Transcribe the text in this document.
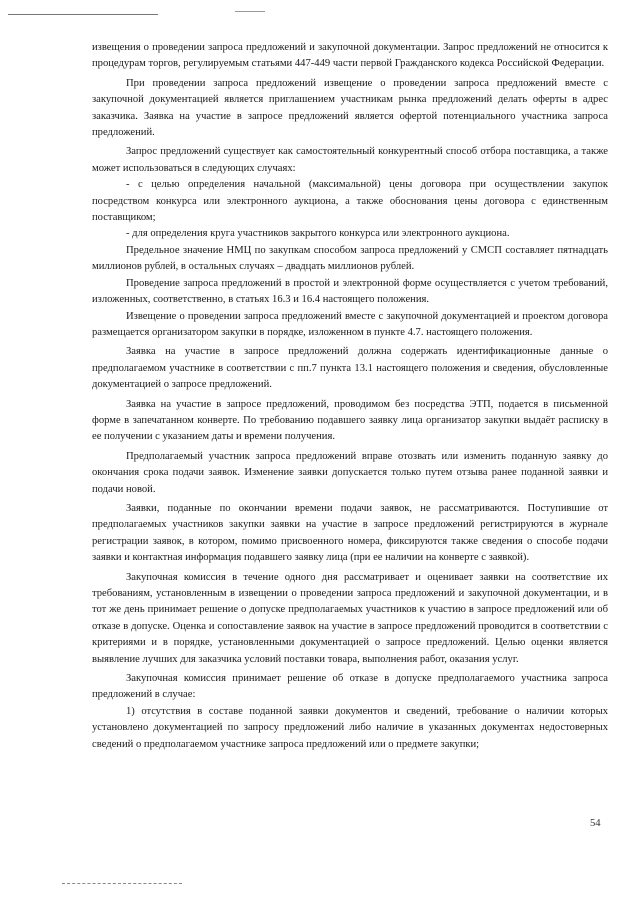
извещения о проведении запроса предложений и закупочной документации. Запрос предложений не относится к процедурам торгов, регулируемым статьями 447-449 части первой Гражданского кодекса Российской Федерации.

При проведении запроса предложений извещение о проведении запроса предложений вместе с закупочной документацией является приглашением участникам рынка предложений делать оферты в адрес заказчика. Заявка на участие в запросе предложений является офертой потенциального участника запроса предложений.

Запрос предложений существует как самостоятельный конкурентный способ отбора поставщика, а также может использоваться в следующих случаях:

- с целью определения начальной (максимальной) цены договора при осуществлении закупок посредством конкурса или электронного аукциона, а также обоснования цены договора с единственным поставщиком;

- для определения круга участников закрытого конкурса или электронного аукциона.

Предельное значение НМЦ по закупкам способом запроса предложений у СМСП составляет пятнадцать миллионов рублей, в остальных случаях – двадцать миллионов рублей.

Проведение запроса предложений в простой и электронной форме осуществляется с учетом требований, изложенных, соответственно, в статьях 16.3 и 16.4 настоящего положения.

Извещение о проведении запроса предложений вместе с закупочной документацией и проектом договора размещается организатором закупки в порядке, изложенном в пункте 4.7. настоящего положения.

Заявка на участие в запросе предложений должна содержать идентификационные данные о предполагаемом участнике в соответствии с пп.7 пункта 13.1 настоящего положения и сведения, обусловленные документацией о запросе предложений.

Заявка на участие в запросе предложений, проводимом без посредства ЭТП, подается в письменной форме в запечатанном конверте. По требованию подавшего заявку лица организатор закупки выдаёт расписку в ее получении с указанием даты и времени получения.

Предполагаемый участник запроса предложений вправе отозвать или изменить поданную заявку до окончания срока подачи заявок. Изменение заявки допускается только путем отзыва ранее поданной заявки и подачи новой.

Заявки, поданные по окончании времени подачи заявок, не рассматриваются. Поступившие от предполагаемых участников закупки заявки на участие в запросе предложений регистрируются в журнале регистрации заявок, в котором, помимо присвоенного номера, фиксируются также сведения о способе подачи заявки и контактная информация подавшего заявку лица (при ее наличии на конверте с заявкой).

Закупочная комиссия в течение одного дня рассматривает и оценивает заявки на соответствие их требованиям, установленным в извещении о проведении запроса предложений и закупочной документации, и в тот же день принимает решение о допуске предполагаемых участников к участию в запросе предложений или об отказе в допуске. Оценка и сопоставление заявок на участие в запросе предложений проводится в соответствии с критериями и в порядке, установленными документацией о запросе предложений. Целью оценки является выявление лучших для заказчика условий поставки товара, выполнения работ, оказания услуг.

Закупочная комиссия принимает решение об отказе в допуске предполагаемого участника запроса предложений в случае:

1) отсутствия в составе поданной заявки документов и сведений, требование о наличии которых установлено документацией по запросу предложений либо наличие в указанных документах недостоверных сведений о предполагаемом участнике запроса предложений или о предмете закупки;

54
